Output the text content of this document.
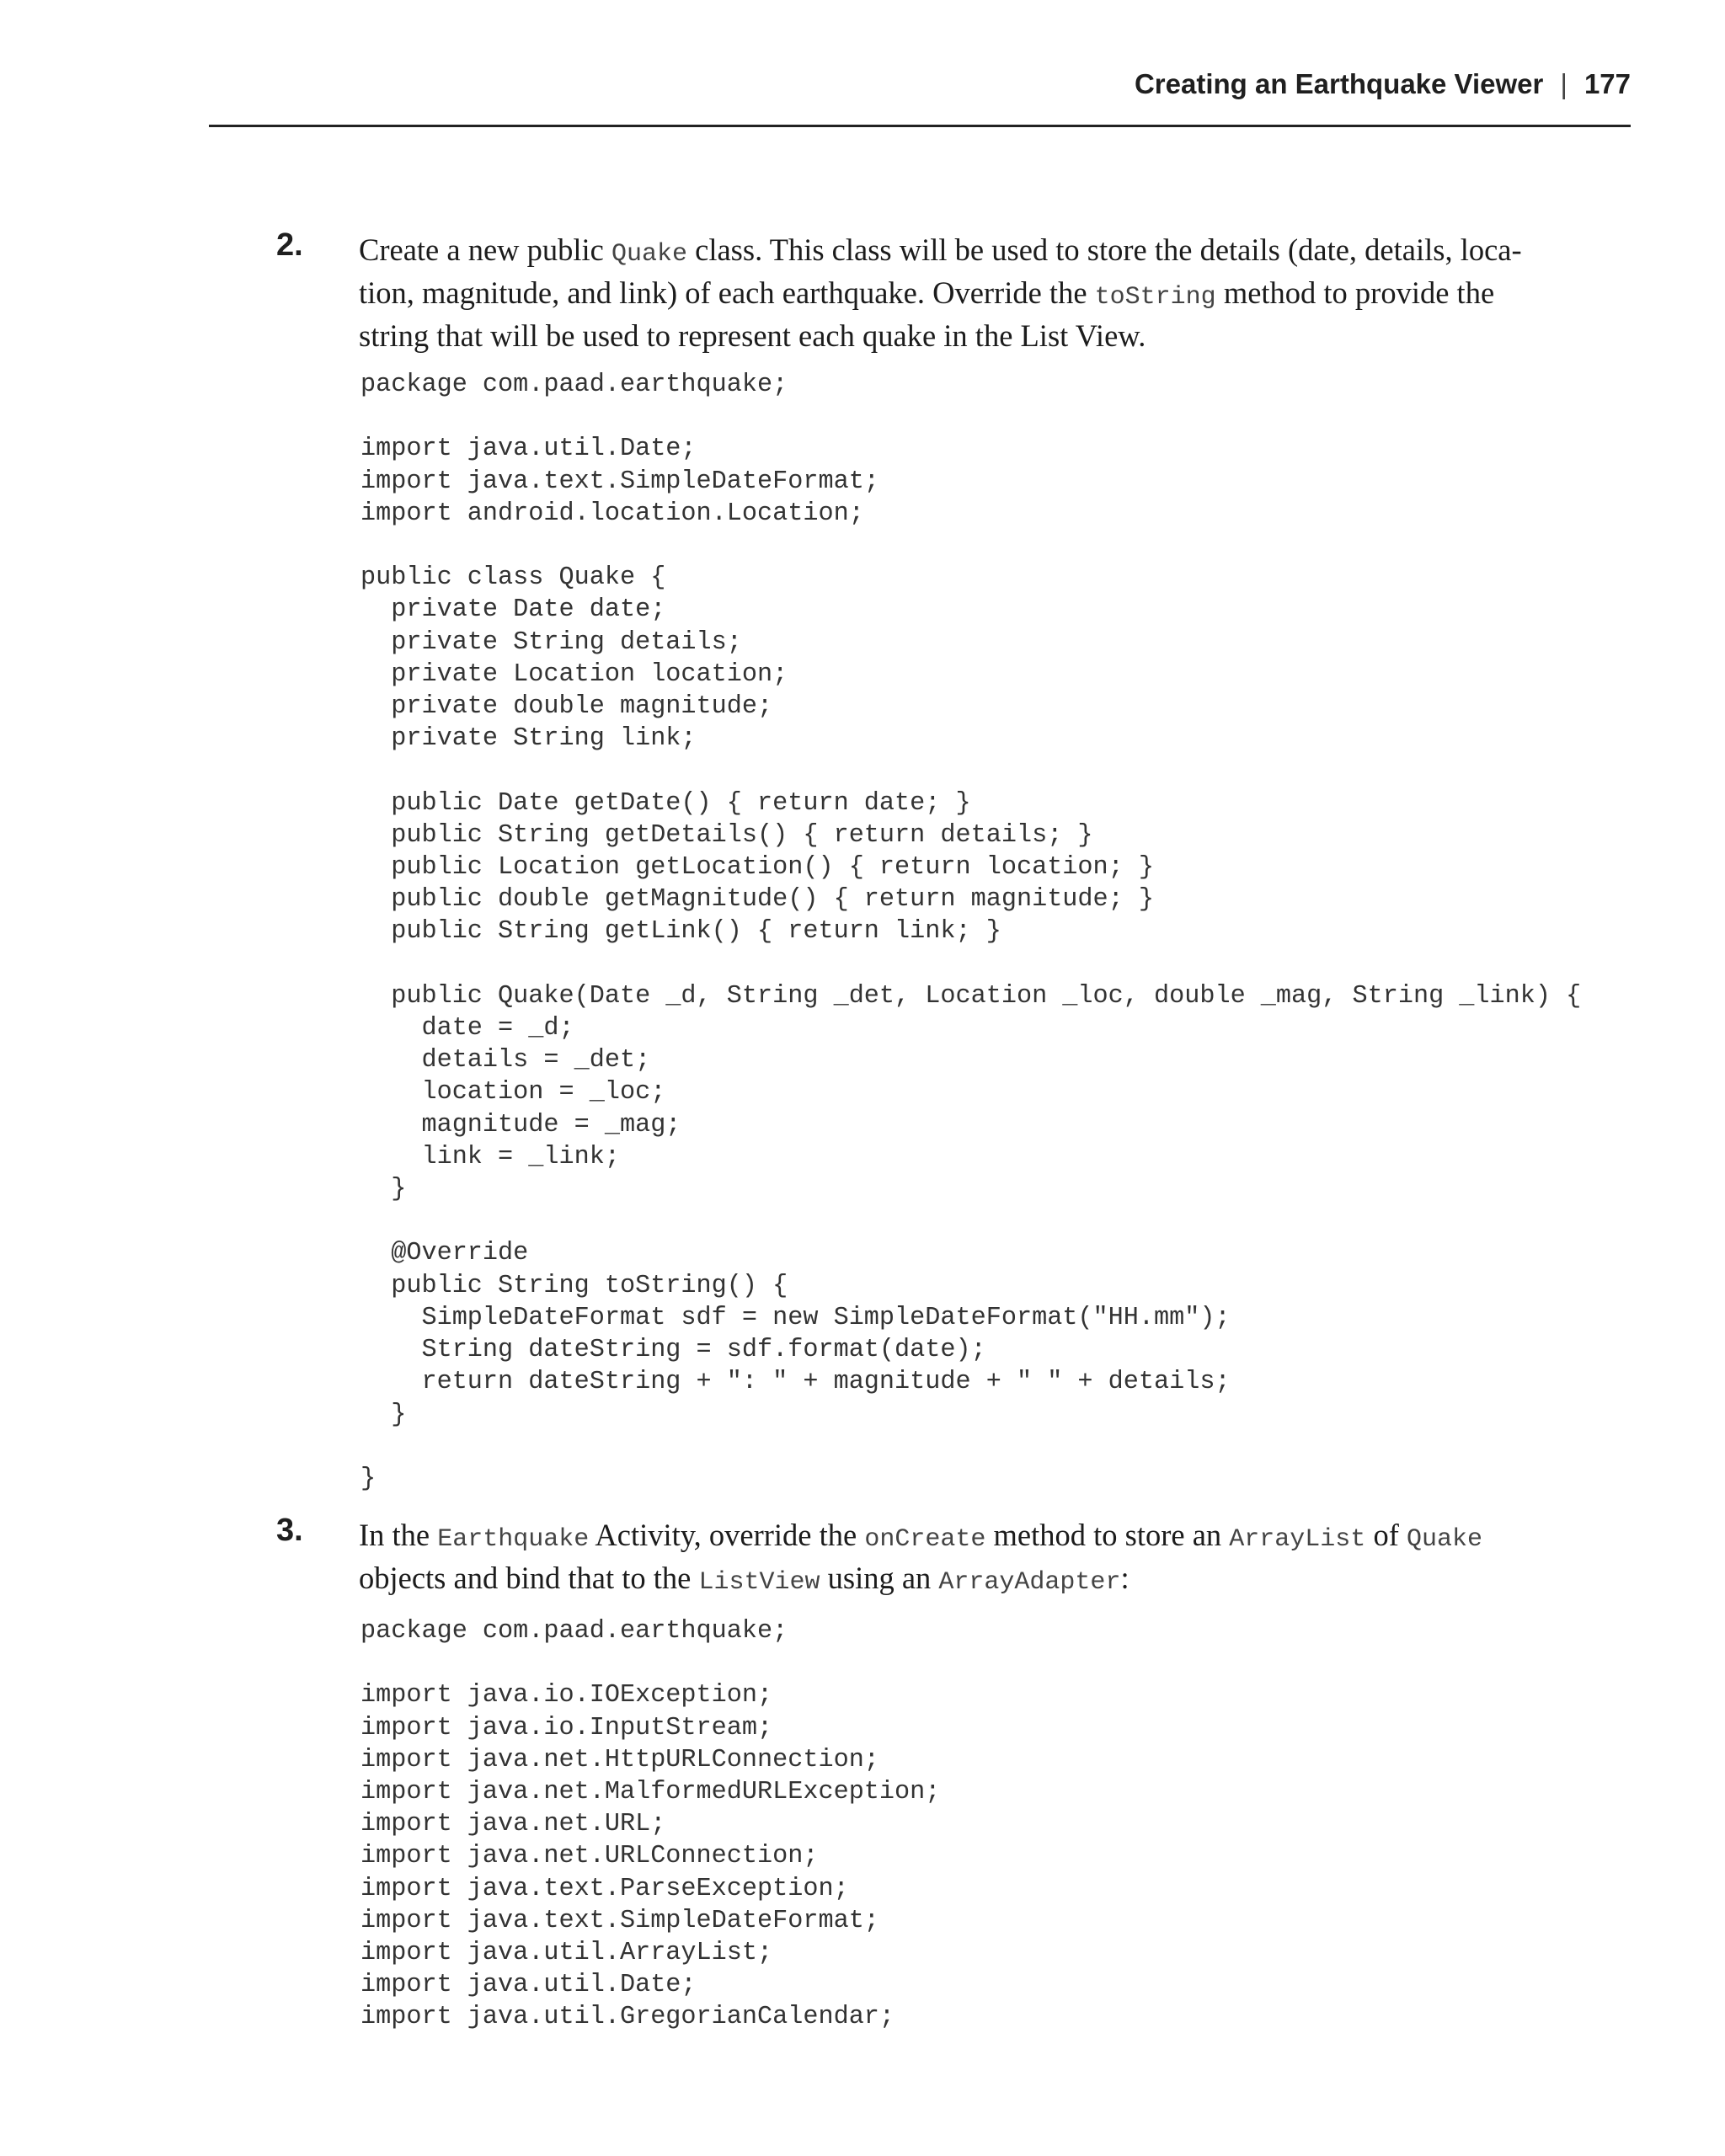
Creating an Earthquake Viewer | 177
2. Create a new public Quake class. This class will be used to store the details (date, details, loca-

tion, magnitude, and link) of each earthquake. Override the toString method to provide the

string that will be used to represent each quake in the List View.

package com.paad.earthquake;

import java.util.Date;
import java.text.SimpleDateFormat;
import android.location.Location;

public class Quake {
private Date date;
private String details;
private Location location;
private double magnitude;
private String link;

public Date getDate() { return date; }
public String getDetails() { return details; }
public Location getLocation() { return location; }
public double getMagnitude() { return magnitude; }
public String getLink() { return link; }

public Quake(Date _d, String _det, Location _loc, double _mag, String _link) {
date = _d;
details = _det;
location = _loc;
magnitude = _mag;
link = _link;
}

@Override
public String toString() {
SimpleDateFormat sdf = new SimpleDateFormat("HH.mm");
String dateString = sdf.format(date);
return dateString + ": " + magnitude + " " + details;
}

}
3. In the Earthquake Activity, override the onCreate method to store an ArrayList of Quake

objects and bind that to the ListView using an ArrayAdapter:

package com.paad.earthquake;

import java.io.IOException;
import java.io.InputStream;
import java.net.HttpURLConnection;
import java.net.MalformedURLException;
import java.net.URL;
import java.net.URLConnection;
import java.text.ParseException;
import java.text.SimpleDateFormat;
import java.util.ArrayList;
import java.util.Date;
import java.util.GregorianCalendar;
